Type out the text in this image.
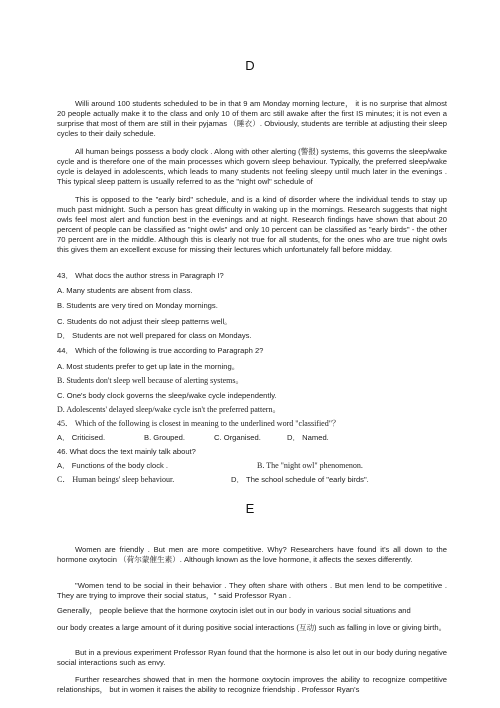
D

Willi around 100 students scheduled to be in that 9 am Monday morning lecture， it is no surprise that almost 20 people actually make it to the class and only 10 of them arc still awake after the first IS minutes; it is not even a surprise that most of them are still in their pyjamas （睡衣）. Obviously, students are terrible at adjusting their sleep cycles to their daily schedule.

All human beings possess a body clock . Along with other alerting (警报) systems, this governs the sleep/wake cycle and is therefore one of the main processes which govern sleep behaviour. Typically, the preferred sleep/wake cycle is delayed in adolescents, which leads to many students not feeling sleepy until much later in the evenings . This typical sleep pattern is usually referred to as the "night owl" schedule of

This is opposed to the "early bird" schedule, and is a kind of disorder where the individual tends to stay up much past midnight. Such a person has great difficulty in waking up in the mornings. Research suggests that night owls feel most alert and function best in the evenings and at night. Research findings have shown that about 20 percent of people can be classified as "night owls" and only 10 percent can be classified as "early birds" - the other 70 percent are in the middle. Although this is clearly not true for all students, for the ones who are true night owls this gives them an excellent excuse for missing their lectures which unfortunately fall before midday.

43． What docs the author stress in Paragraph I?
A. Many students are absent from class.
B. Students are very tired on Monday mornings.
C. Students do not adjust their sleep patterns well。
D． Students are not well prepared for class on Mondays.
44． Which of the following is true according to Paragraph 2?
A. Most students prefer to get up late in the morning。
B. Students don't sleep well because of alerting systems。
C. One's body clock governs the sleep/wake cycle independently.
D. Adolescents' delayed sleep/wake cycle isn't the preferred pattern。
45． Which of the following is closest in meaning to the underlined word "classified"？
A． Criticised.	B. Grouped.	C. Organised.	D． Named.
46. What docs the text mainly talk about?
A． Functions of the body clock .	B. The "night owl" phenomenon.
C． Human beings' sleep behaviour.	D． The school schedule of "early birds".
E

Women are friendly . But men are more competitive. Why? Researchers have found it's all down to the hormone oxytocin （荷尔蒙催生素）. Although known as the love hormone, it affects the sexes differently.

"Women tend to be social in their behavior . They often share with others . But men lend to be competitive . They are trying to improve their social status，" said Professor Ryan .

Generally， people believe that the hormone oxytocin islet out in our body in various social situations and

our body creates a large amount of it during positive social interactions (互动) such as falling in love or giving birth。

But in a previous experiment Professor Ryan found that the hormone is also let out in our body during negative social interactions such as envy.

Further researches showed that in men the hormone oxytocin improves the ability to recognize competitive relationships， but in women it raises the ability to recognize friendship . Professor Ryan's
